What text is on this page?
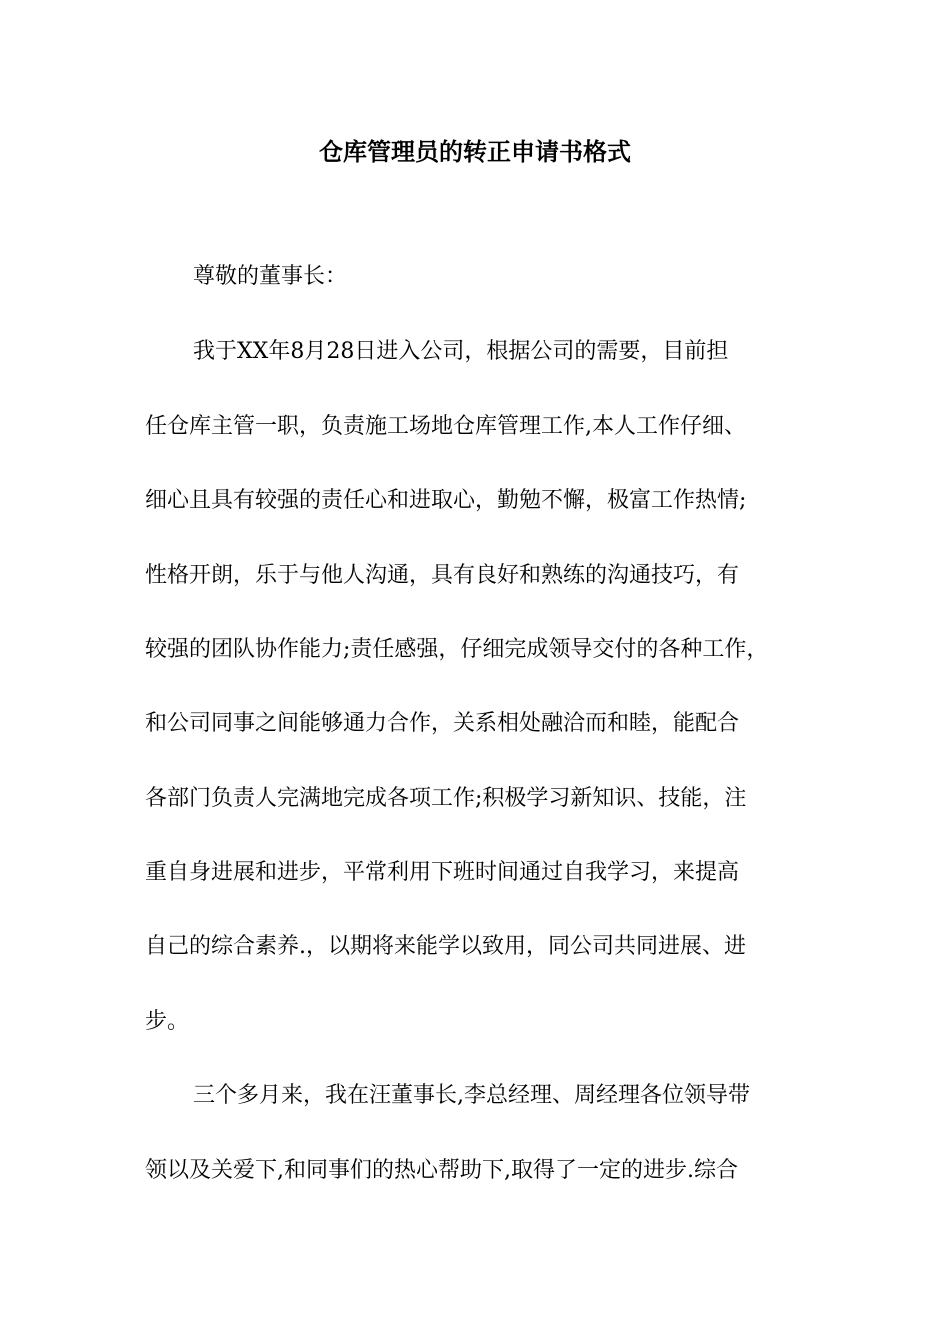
仓库管理员的转正申请书格式
尊敬的董事长：
我于XX年8月28日进入公司，根据公司的需要，目前担
任仓库主管一职，负责施工场地仓库管理工作,本人工作仔细、
细心且具有较强的责任心和进取心，勤勉不懈，极富工作热情;
性格开朗，乐于与他人沟通，具有良好和熟练的沟通技巧，有
较强的团队协作能力;责任感强，仔细完成领导交付的各种工作，
和公司同事之间能够通力合作，关系相处融洽而和睦，能配合
各部门负责人完满地完成各项工作;积极学习新知识、技能，注
重自身进展和进步，平常利用下班时间通过自我学习，来提高
自己的综合素养.，以期将来能学以致用，同公司共同进展、进
步。
三个多月来，我在汪董事长,李总经理、周经理各位领导带
领以及关爱下,和同事们的热心帮助下,取得了一定的进步.综合
